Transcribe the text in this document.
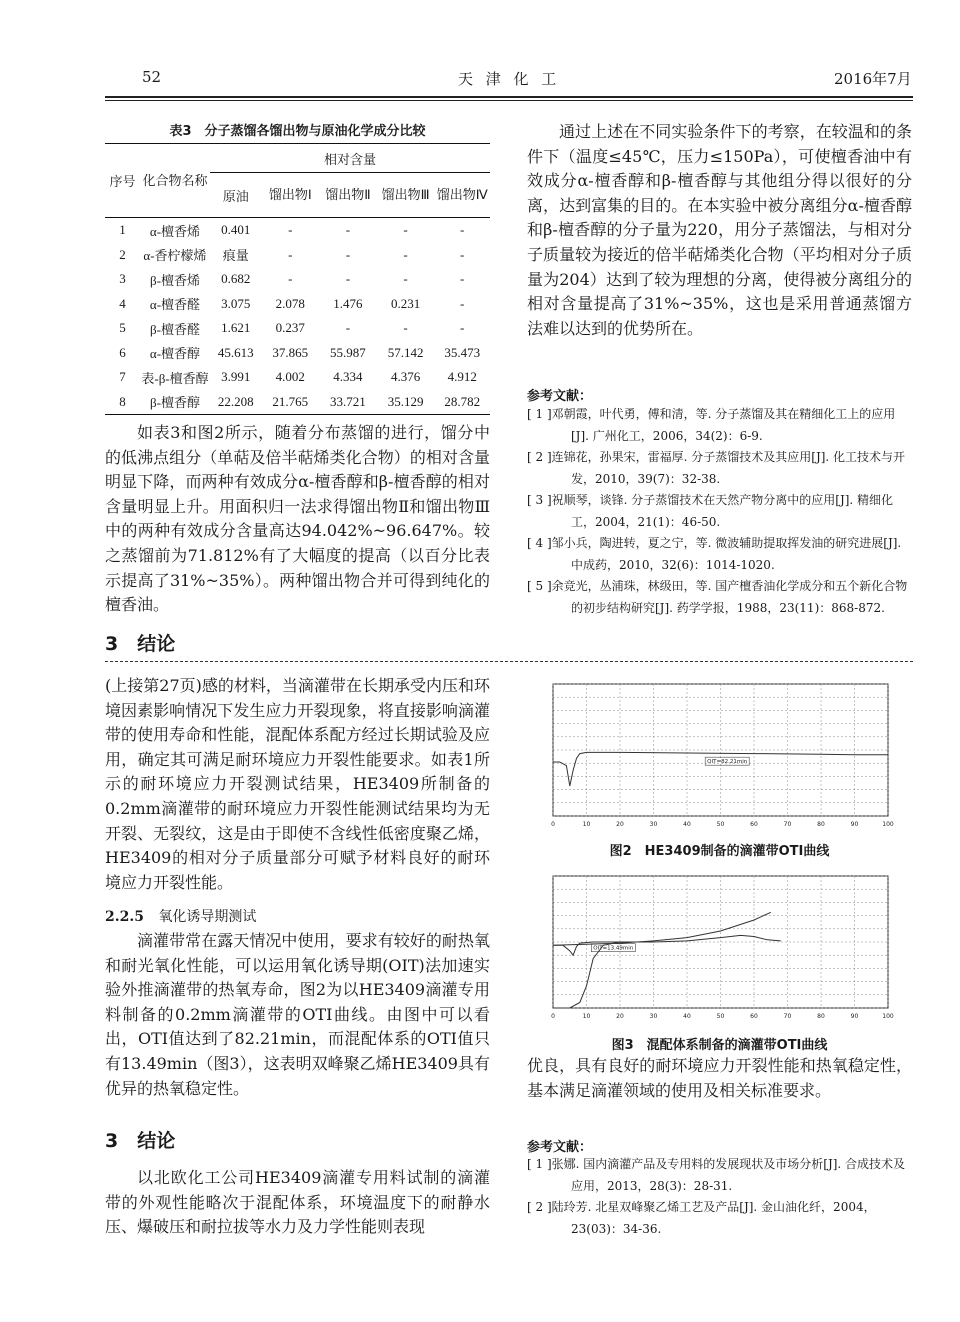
52	天 津 化 工	2016年7月
表3　分子蒸馏各馏出物与原油化学成分比较
序号	化合物名称	相对含量				
		原油	馏出物Ⅰ	馏出物Ⅱ	馏出物Ⅲ	馏出物Ⅳ
1	α-檀香烯	0.401	-	-	-	-
2	α-香柠檬烯	痕量	-	-	-	-
3	β-檀香烯	0.682	-	-	-	-
4	α-檀香醛	3.075	2.078	1.476	0.231	-
5	β-檀香醛	1.621	0.237	-	-	-
6	α-檀香醇	45.613	37.865	55.987	57.142	35.473
7	表-β-檀香醇	3.991	4.002	4.334	4.376	4.912
8	β-檀香醇	22.208	21.765	33.721	35.129	28.782
如表3和图2所示，随着分布蒸馏的进行，馏分中的低沸点组分（单萜及倍半萜烯类化合物）的相对含量明显下降，而两种有效成分α-檀香醇和β-檀香醇的相对含量明显上升。用面积归一法求得馏出物Ⅱ和馏出物Ⅲ中的两种有效成分含量高达94.042%~96.647%。较之蒸馏前为71.812%有了大幅度的提高（以百分比表示提高了31%~35%）。两种馏出物合并可得到纯化的檀香油。
3　结论
通过上述在不同实验条件下的考察，在较温和的条件下（温度≤45℃，压力≤150Pa），可使檀香油中有效成分α-檀香醇和β-檀香醇与其他组分得以很好的分离，达到富集的目的。在本实验中被分离组分α-檀香醇和β-檀香醇的分子量为220，用分子蒸馏法，与相对分子质量较为接近的倍半萜烯类化合物（平均相对分子质量为204）达到了较为理想的分离，使得被分离组分的相对含量提高了31%~35%，这也是采用普通蒸馏方法难以达到的优势所在。
参考文献：
[ 1 ]邓朝霞，叶代勇，傅和清，等. 分子蒸馏及其在精细化工上的应用[J]. 广州化工，2006，34(2)：6-9.
[ 2 ]连锦花，孙果宋，雷福厚. 分子蒸馏技术及其应用[J]. 化工技术与开发，2010，39(7)：32-38.
[ 3 ]祝顺琴，谈锋. 分子蒸馏技术在天然产物分离中的应用[J]. 精细化工，2004，21(1)：46-50.
[ 4 ]邹小兵，陶进转，夏之宁，等. 微波辅助提取挥发油的研究进展[J]. 中成药，2010，32(6)：1014-1020.
[ 5 ]余竞光，丛浦珠，林级田，等. 国产檀香油化学成分和五个新化合物的初步结构研究[J]. 药学学报，1988，23(11)：868-872.
(上接第27页)感的材料，当滴灌带在长期承受内压和环境因素影响情况下发生应力开裂现象，将直接影响滴灌带的使用寿命和性能，混配体系配方经过长期试验及应用，确定其可满足耐环境应力开裂性能要求。如表1所示的耐环境应力开裂测试结果，HE3409所制备的0.2mm滴灌带的耐环境应力开裂性能测试结果均为无开裂、无裂纹，这是由于即使不含线性低密度聚乙烯，HE3409的相对分子质量部分可赋予材料良好的耐环境应力开裂性能。
2.2.5 氧化诱导期测试
滴灌带常在露天情况中使用，要求有较好的耐热氧和耐光氧化性能，可以运用氧化诱导期(OIT)法加速实验外推滴灌带的热氧寿命，图2为以HE3409滴灌专用料制备的0.2mm滴灌带的OTI曲线。由图中可以看出，OTI值达到了82.21min，而混配体系的OTI值只有13.49min（图3），这表明双峰聚乙烯HE3409具有优异的热氧稳定性。
3　结论
以北欧化工公司HE3409滴灌专用料试制的滴灌带的外观性能略次于混配体系，环境温度下的耐静水压、爆破压和耐拉拔等水力及力学性能则表现
0	10	20	30	40	50	60	70	80	90	100
OIT=82.21min
图2　HE3409制备的滴灌带OTI曲线
0	10	20	30	40	50	60	70	80	90	100
OIT=13.49min
图3　混配体系制备的滴灌带OTI曲线
优良，具有良好的耐环境应力开裂性能和热氧稳定性，基本满足滴灌领域的使用及相关标准要求。
参考文献：
[ 1 ]张娜. 国内滴灌产品及专用料的发展现状及市场分析[J]. 合成技术及应用，2013，28(3)：28-31.
[ 2 ]陆玲芳. 北星双峰聚乙烯工艺及产品[J]. 金山油化纤，2004，23(03)：34-36.
